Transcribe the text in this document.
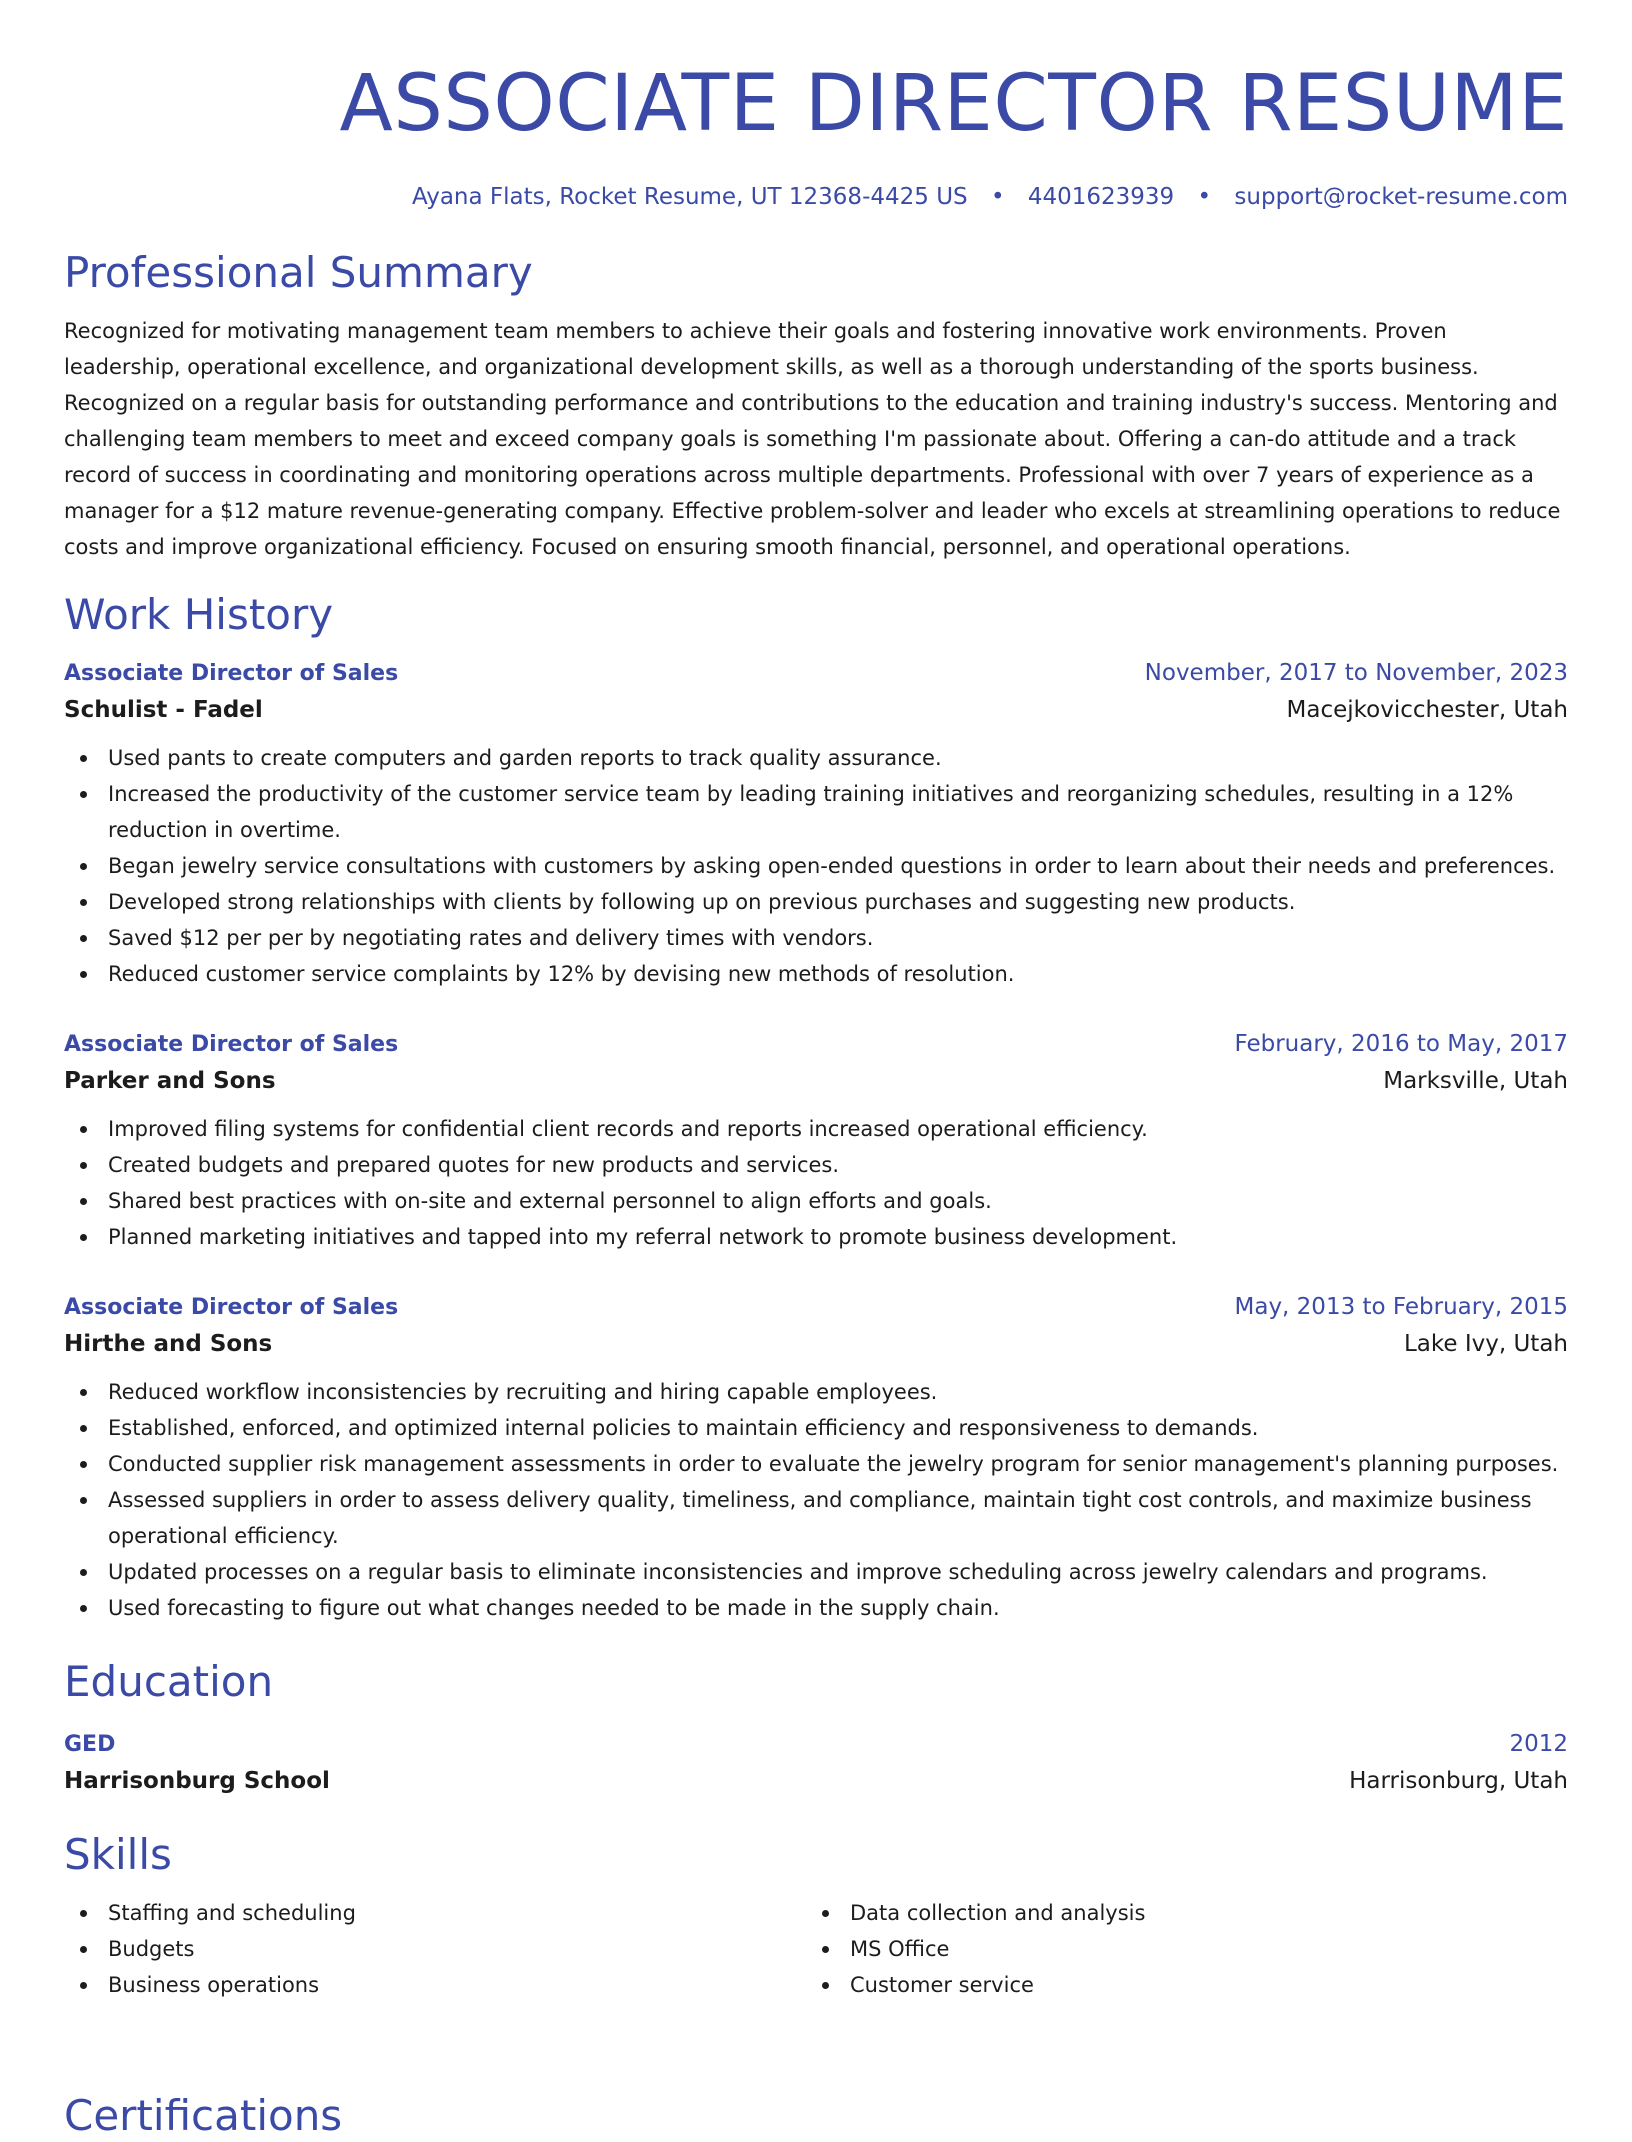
ASSOCIATE DIRECTOR RESUME
Ayana Flats, Rocket Resume, UT 12368-4425 US • 4401623939 • support@rocket-resume.com
Professional Summary

Recognized for motivating management team members to achieve their goals and fostering innovative work environments. Proven leadership, operational excellence, and organizational development skills, as well as a thorough understanding of the sports business. Recognized on a regular basis for outstanding performance and contributions to the education and training industry's success. Mentoring and challenging team members to meet and exceed company goals is something I'm passionate about. Offering a can-do attitude and a track record of success in coordinating and monitoring operations across multiple departments. Professional with over 7 years of experience as a manager for a $12 mature revenue-generating company. Effective problem-solver and leader who excels at streamlining operations to reduce costs and improve organizational efficiency. Focused on ensuring smooth financial, personnel, and operational operations.

Work History
Associate Director of Sales	November, 2017 to November, 2023
Schulist - Fadel	Macejkovicchester, Utah
Used pants to create computers and garden reports to track quality assurance.
Increased the productivity of the customer service team by leading training initiatives and reorganizing schedules, resulting in a 12% reduction in overtime.
Began jewelry service consultations with customers by asking open-ended questions in order to learn about their needs and preferences.
Developed strong relationships with clients by following up on previous purchases and suggesting new products.
Saved $12 per per by negotiating rates and delivery times with vendors.
Reduced customer service complaints by 12% by devising new methods of resolution.
Associate Director of Sales	February, 2016 to May, 2017
Parker and Sons	Marksville, Utah
Improved filing systems for confidential client records and reports increased operational efficiency.
Created budgets and prepared quotes for new products and services.
Shared best practices with on-site and external personnel to align efforts and goals.
Planned marketing initiatives and tapped into my referral network to promote business development.
Associate Director of Sales	May, 2013 to February, 2015
Hirthe and Sons	Lake Ivy, Utah
Reduced workflow inconsistencies by recruiting and hiring capable employees.
Established, enforced, and optimized internal policies to maintain efficiency and responsiveness to demands.
Conducted supplier risk management assessments in order to evaluate the jewelry program for senior management's planning purposes.
Assessed suppliers in order to assess delivery quality, timeliness, and compliance, maintain tight cost controls, and maximize business operational efficiency.
Updated processes on a regular basis to eliminate inconsistencies and improve scheduling across jewelry calendars and programs.
Used forecasting to figure out what changes needed to be made in the supply chain.
Education
GED	2012
Harrisonburg School	Harrisonburg, Utah
Skills
Staffing and scheduling
Budgets
Business operations
Data collection and analysis
MS Office
Customer service
Certifications
